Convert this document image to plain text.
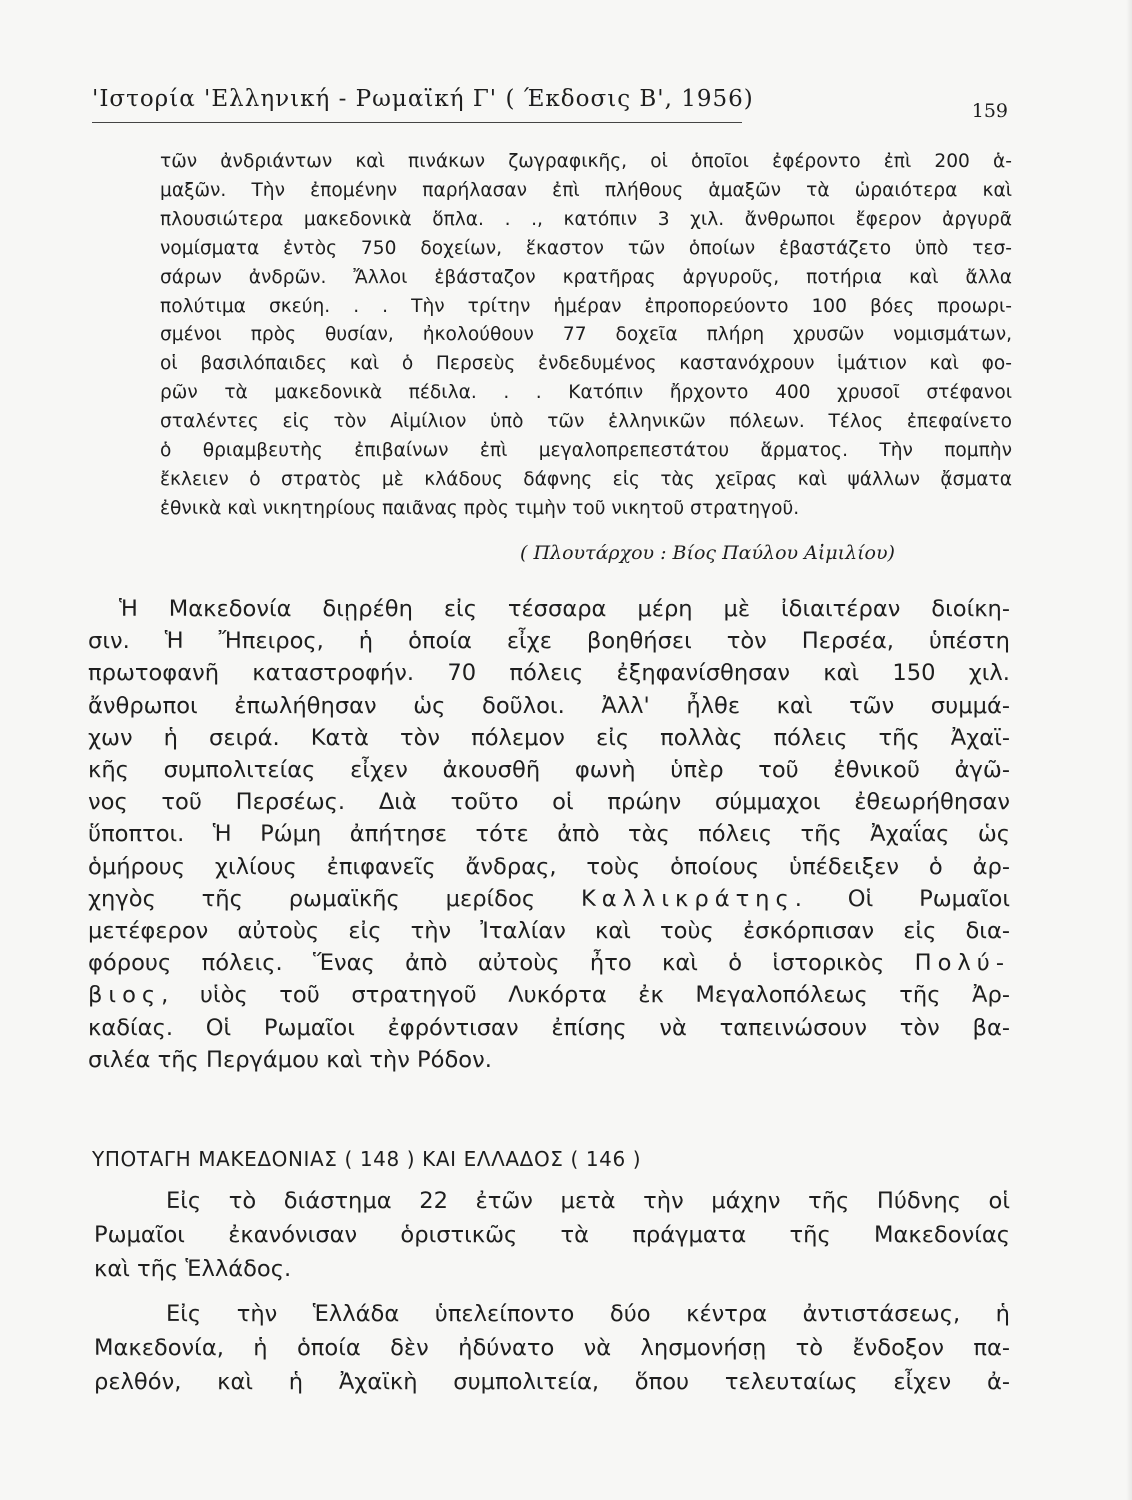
'Ιστορία 'Ελληνική - Ρωμαϊκή Γ' ( Έκδοσις Β', 1956)	159
τῶν ἀνδριάντων καὶ πινάκων ζωγραφικῆς, οἱ ὁποῖοι ἐφέροντο ἐπὶ 200 ἁ-
μαξῶν. Τὴν ἐπομένην παρήλασαν ἐπὶ πλήθους ἁμαξῶν τὰ ὡραιότερα καὶ
πλουσιώτερα μακεδονικὰ ὅπλα. . ., κατόπιν 3 χιλ. ἄνθρωποι ἔφερον ἀργυρᾶ
νομίσματα ἐντὸς 750 δοχείων, ἕκαστον τῶν ὁποίων ἐβαστάζετο ὑπὸ τεσ-
σάρων ἀνδρῶν. Ἄλλοι ἐβάσταζον κρατῆρας ἀργυροῦς, ποτήρια καὶ ἄλλα
πολύτιμα σκεύη. . . Τὴν τρίτην ἡμέραν ἐπροπορεύοντο 100 βόες προωρι-
σμένοι πρὸς θυσίαν, ἠκολούθουν 77 δοχεῖα πλήρη χρυσῶν νομισμάτων,
οἱ βασιλόπαιδες καὶ ὁ Περσεὺς ἐνδεδυμένος καστανόχρουν ἱμάτιον καὶ φο-
ρῶν τὰ μακεδονικὰ πέδιλα. . . Κατόπιν ἤρχοντο 400 χρυσοῖ στέφανοι
σταλέντες εἰς τὸν Αἰμίλιον ὑπὸ τῶν ἑλληνικῶν πόλεων. Τέλος ἐπεφαίνετο
ὁ θριαμβευτὴς ἐπιβαίνων ἐπὶ μεγαλοπρεπεστάτου ἅρματος. Τὴν πομπὴν
ἔκλειεν ὁ στρατὸς μὲ κλάδους δάφνης εἰς τὰς χεῖρας καὶ ψάλλων ᾄσματα
ἐθνικὰ καὶ νικητηρίους παιᾶνας πρὸς τιμὴν τοῦ νικητοῦ στρατηγοῦ.
( Πλουτάρχου : Βίος Παύλου Αἰμιλίου)
Ἡ Μακεδονία διῃρέθη εἰς τέσσαρα μέρη μὲ ἰδιαιτέραν διοίκη-
σιν. Ἡ Ἤπειρος, ἡ ὁποία εἶχε βοηθήσει τὸν Περσέα, ὑπέστη
πρωτοφανῆ καταστροφήν. 70 πόλεις ἐξηφανίσθησαν καὶ 150 χιλ.
ἄνθρωποι ἐπωλήθησαν ὡς δοῦλοι. Ἀλλ' ἦλθε καὶ τῶν συμμά-
χων ἡ σειρά. Κατὰ τὸν πόλεμον εἰς πολλὰς πόλεις τῆς Ἀχαϊ-
κῆς συμπολιτείας εἶχεν ἀκουσθῆ φωνὴ ὑπὲρ τοῦ ἐθνικοῦ ἀγῶ-
νος τοῦ Περσέως. Διὰ τοῦτο οἱ πρώην σύμμαχοι ἐθεωρήθησαν
ὕποπτοι. Ἡ Ρώμη ἀπήτησε τότε ἀπὸ τὰς πόλεις τῆς Ἀχαΐας ὡς
ὁμήρους χιλίους ἐπιφανεῖς ἄνδρας, τοὺς ὁποίους ὑπέδειξεν ὁ ἀρ-
χηγὸς τῆς ρωμαϊκῆς μερίδος Καλλικράτης. Οἱ Ρωμαῖοι
μετέφερον αὐτοὺς εἰς τὴν Ἰταλίαν καὶ τοὺς ἐσκόρπισαν εἰς δια-
φόρους πόλεις. Ἕνας ἀπὸ αὐτοὺς ἦτο καὶ ὁ ἱστορικὸς Πολύ-
βιος, υἱὸς τοῦ στρατηγοῦ Λυκόρτα ἐκ Μεγαλοπόλεως τῆς Ἀρ-
καδίας. Οἱ Ρωμαῖοι ἐφρόντισαν ἐπίσης νὰ ταπεινώσουν τὸν βα-
σιλέα τῆς Περγάμου καὶ τὴν Ρόδον.
ΥΠΟΤΑΓΗ ΜΑΚΕΔΟΝΙΑΣ ( 148 ) ΚΑΙ ΕΛΛΑΔΟΣ ( 146 )
Εἰς τὸ διάστημα 22 ἐτῶν μετὰ τὴν μάχην τῆς Πύδνης οἱ
Ρωμαῖοι ἐκανόνισαν ὁριστικῶς τὰ πράγματα τῆς Μακεδονίας
καὶ τῆς Ἑλλάδος.
Εἰς τὴν Ἑλλάδα ὑπελείποντο δύο κέντρα ἀντιστάσεως, ἡ
Μακεδονία, ἡ ὁποία δὲν ἠδύνατο νὰ λησμονήσῃ τὸ ἔνδοξον πα-
ρελθόν, καὶ ἡ Ἀχαϊκὴ συμπολιτεία, ὅπου τελευταίως εἶχεν ἀ-
